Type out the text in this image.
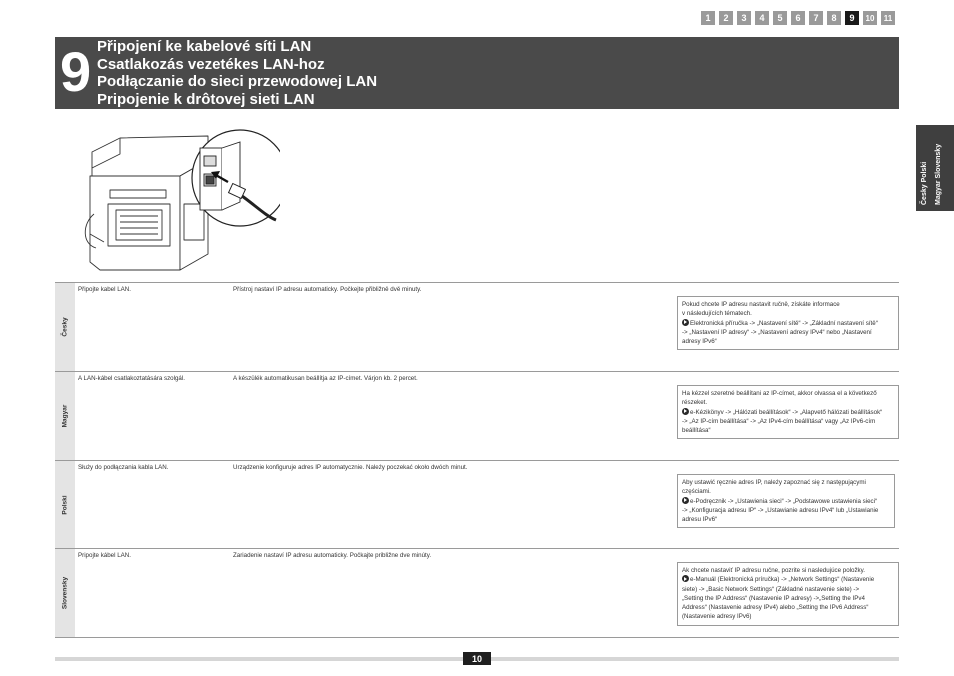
1	2	3	4	5	6	7	8	9	10	11
9 Připojení ke kabelové síti LAN
Csatlakozás vezetékes LAN-hoz
Podłączanie do sieci przewodowej LAN
Pripojenie k drôtovej sieti LAN
Česky Polski Magyar Slovensky
Česky
Připojte kabel LAN.	Přístroj nastaví IP adresu automaticky. Počkejte přibližně dvě minuty.
Pokud chcete IP adresu nastavit ručně, získáte informace
v následujících tématech.
Elektronická příručka -> „Nastavení sítě“ -> „Základní nastavení sítě“
-> „Nastavení IP adresy“ -> „Nastavení adresy IPv4“ nebo „Nastavení
adresy IPv6“
Magyar
A LAN-kábel csatlakoztatására szolgál.	A készülék automatikusan beállítja az IP-címet. Várjon kb. 2 percet.
Ha kézzel szeretné beállítani az IP-címet, akkor olvassa el a következő
részeket.
e-Kézikönyv -> „Hálózati beállítások“ -> „Alapvető hálózati beállítások“
-> „Az IP-cím beállítása“ -> „Az IPv4-cím beállítása“ vagy „Az IPv6-cím
beállítása“
Polski
Służy do podłączania kabla LAN.	Urządzenie konfiguruje adres IP automatycznie. Należy poczekać około dwóch minut.
Aby ustawić ręcznie adres IP, należy zapoznać się z następującymi
częściami.
e-Podręcznik -> „Ustawienia sieci“ -> „Podstawowe ustawienia sieci“
-> „Konfiguracja adresu IP“ -> „Ustawianie adresu IPv4“ lub „Ustawianie
adresu IPv6“
Slovensky
Pripojte kábel LAN.	Zariadenie nastaví IP adresu automaticky. Počkajte približne dve minúty.
Ak chcete nastaviť IP adresu ručne, pozrite si nasledujúce položky.
e-Manuál (Elektronická príručka) -> „Network Settings“ (Nastavenie
siete) -> „Basic Network Settings“ (Základné nastavenie siete) ->
„Setting the IP Address“ (Nastavenie IP adresy) ->„Setting the IPv4
Address“ (Nastavenie adresy IPv4) alebo „Setting the IPv6 Address“
(Nastavenie adresy IPv6)
10
